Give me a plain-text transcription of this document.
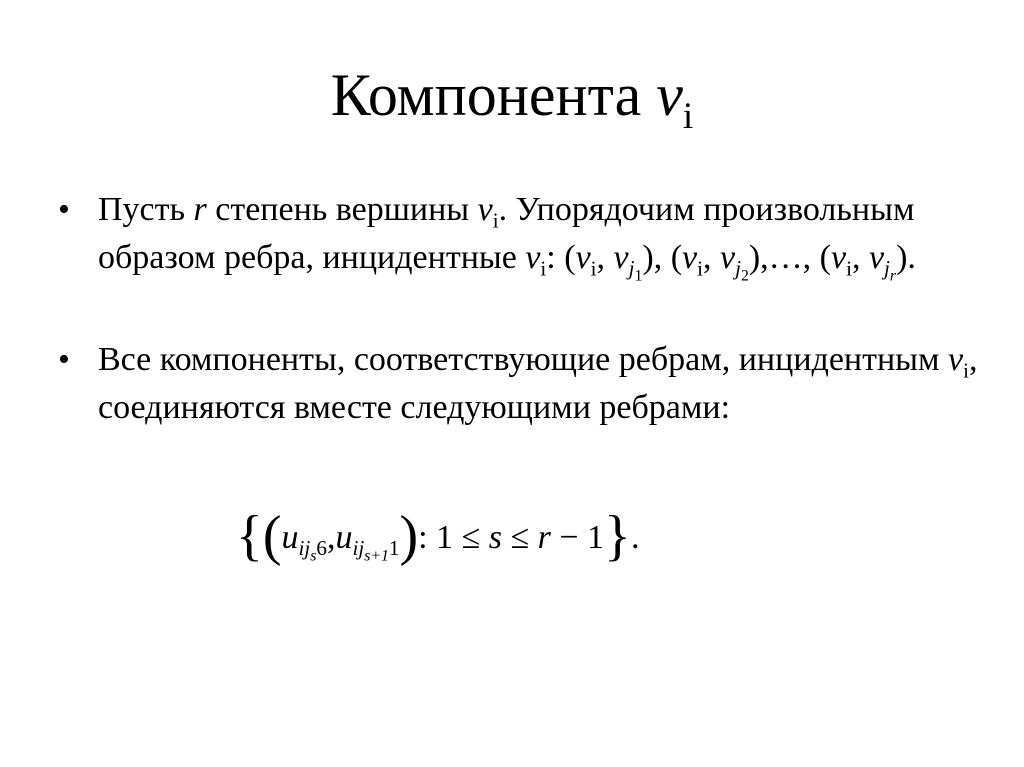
Компонента $v_i$
• Пусть r степень вершины $v_i$. Упорядочим произвольным образом ребра, инцидентные $v_i$: ($v_i$, $v_{j_1}$), ($v_i$, $v_{j_2}),\dots$, ($v_i$, $v_{j_r}$).
• Все компоненты, соответствующие ребрам, инцидентным $v_i$, соединяются вместе следующими ребрами:
{$(u_{ij_s6},u_{ij_{s+1}1})$: 1 ≤ s ≤ r − 1}.
